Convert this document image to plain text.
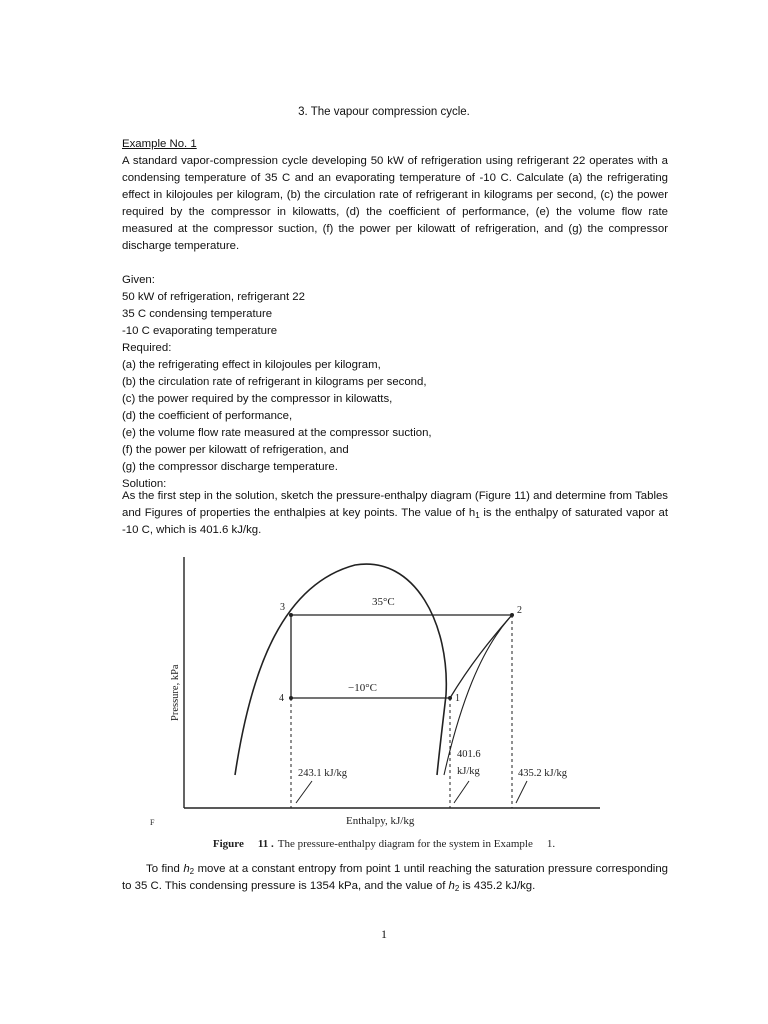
3. The vapour compression cycle.
Example No. 1
A standard vapor-compression cycle developing 50 kW of refrigeration using refrigerant 22 operates with a condensing temperature of 35 C and an evaporating temperature of -10 C. Calculate (a) the refrigerating effect in kilojoules per kilogram, (b) the circulation rate of refrigerant in kilograms per second, (c) the power required by the compressor in kilowatts, (d) the coefficient of performance, (e) the volume flow rate measured at the compressor suction, (f) the power per kilowatt of refrigeration, and (g) the compressor discharge temperature.
Given:
50 kW of refrigeration, refrigerant 22
35 C condensing temperature
-10 C evaporating temperature
Required:
(a) the refrigerating effect in kilojoules per kilogram,
(b) the circulation rate of refrigerant in kilograms per second,
(c) the power required by the compressor in kilowatts,
(d) the coefficient of performance,
(e) the volume flow rate measured at the compressor suction,
(f) the power per kilowatt of refrigeration, and
(g) the compressor discharge temperature.
Solution:
As the first step in the solution, sketch the pressure-enthalpy diagram (Figure 11) and determine from Tables and Figures of properties the enthalpies at key points. The value of $h_1$ is the enthalpy of saturated vapor at -10 C, which is 401.6 kJ/kg.
35°C
−10°C
3	2
4	1
243.1 kJ/kg
401.6
kJ/kg	435.2 kJ/kg
Enthalpy, kJ/kg
Pressure, kPa
F
Figure 11 . The pressure-enthalpy diagram for the system in Example 1.
To find $h_2$ move at a constant entropy from point 1 until reaching the saturation pressure corresponding to 35 C. This condensing pressure is 1354 kPa, and the value of $h_2$ is 435.2 kJ/kg.
1
